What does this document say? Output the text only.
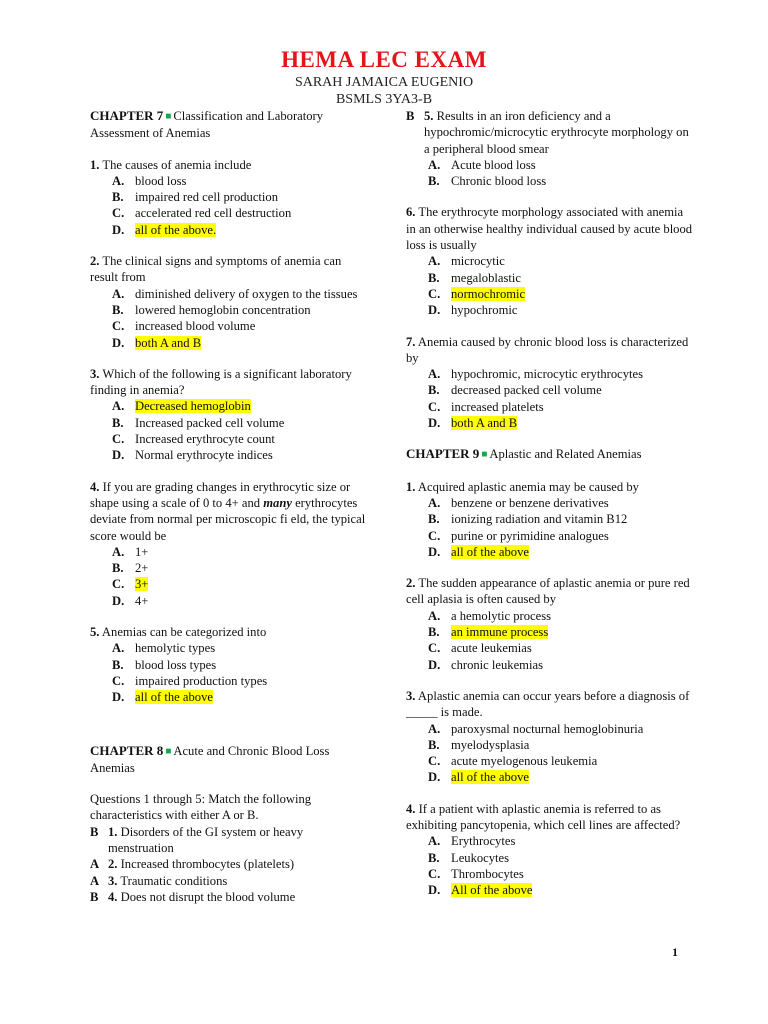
HEMA LEC EXAM
SARAH JAMAICA EUGENIO
BSMLS 3YA3-B
CHAPTER 7 ■ Classification and Laboratory Assessment of Anemias
1. The causes of anemia include
A. blood loss
B. impaired red cell production
C. accelerated red cell destruction
D. all of the above.
2. The clinical signs and symptoms of anemia can result from
A. diminished delivery of oxygen to the tissues
B. lowered hemoglobin concentration
C. increased blood volume
D. both A and B
3. Which of the following is a significant laboratory finding in anemia?
A. Decreased hemoglobin
B. Increased packed cell volume
C. Increased erythrocyte count
D. Normal erythrocyte indices
4. If you are grading changes in erythrocytic size or shape using a scale of 0 to 4+ and many erythrocytes deviate from normal per microscopic fi eld, the typical score would be
A. 1+
B. 2+
C. 3+
D. 4+
5. Anemias can be categorized into
A. hemolytic types
B. blood loss types
C. impaired production types
D. all of the above
CHAPTER 8 ■ Acute and Chronic Blood Loss Anemias
Questions 1 through 5: Match the following characteristics with either A or B.
B 1. Disorders of the GI system or heavy menstruation
A 2. Increased thrombocytes (platelets)
A 3. Traumatic conditions
B 4. Does not disrupt the blood volume
B 5. Results in an iron deficiency and a hypochromic/microcytic erythrocyte morphology on a peripheral blood smear
A. Acute blood loss
B. Chronic blood loss
6. The erythrocyte morphology associated with anemia in an otherwise healthy individual caused by acute blood loss is usually
A. microcytic
B. megaloblastic
C. normochromic
D. hypochromic
7. Anemia caused by chronic blood loss is characterized by
A. hypochromic, microcytic erythrocytes
B. decreased packed cell volume
C. increased platelets
D. both A and B
CHAPTER 9 ■ Aplastic and Related Anemias
1. Acquired aplastic anemia may be caused by
A. benzene or benzene derivatives
B. ionizing radiation and vitamin B12
C. purine or pyrimidine analogues
D. all of the above
2. The sudden appearance of aplastic anemia or pure red cell aplasia is often caused by
A. a hemolytic process
B. an immune process
C. acute leukemias
D. chronic leukemias
3. Aplastic anemia can occur years before a diagnosis of _____ is made.
A. paroxysmal nocturnal hemoglobinuria
B. myelodysplasia
C. acute myelogenous leukemia
D. all of the above
4. If a patient with aplastic anemia is referred to as exhibiting pancytopenia, which cell lines are affected?
A. Erythrocytes
B. Leukocytes
C. Thrombocytes
D. All of the above
1
